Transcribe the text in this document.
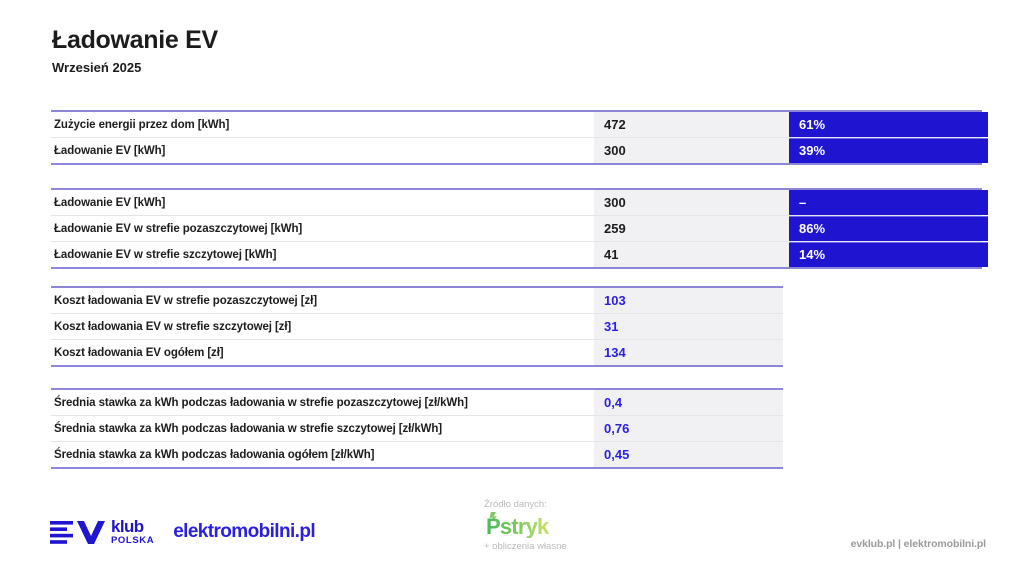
Ładowanie EV

Wrzesień 2025

Zużycie energii przez dom [kWh]	472	61%
Ładowanie EV [kWh]	300	39%
Ładowanie EV [kWh]	300	–
Ładowanie EV w strefie pozaszczytowej [kWh]	259	86%
Ładowanie EV w strefie szczytowej [kWh]	41	14%
Koszt ładowania EV w strefie pozaszczytowej [zł]	103
Koszt ładowania EV w strefie szczytowej [zł]	31
Koszt ładowania EV ogółem [zł]	134
Średnia stawka za kWh podczas ładowania w strefie pozaszczytowej [zł/kWh]	0,4
Średnia stawka za kWh podczas ładowania w strefie szczytowej [zł/kWh]	0,76
Średnia stawka za kWh podczas ładowania ogółem [zł/kWh]	0,45
klub
POLSKA elektromobilni.pl

Źródło danych:

Pstryk

+ obliczenia własne	evklub.pl | elektromobilni.pl
